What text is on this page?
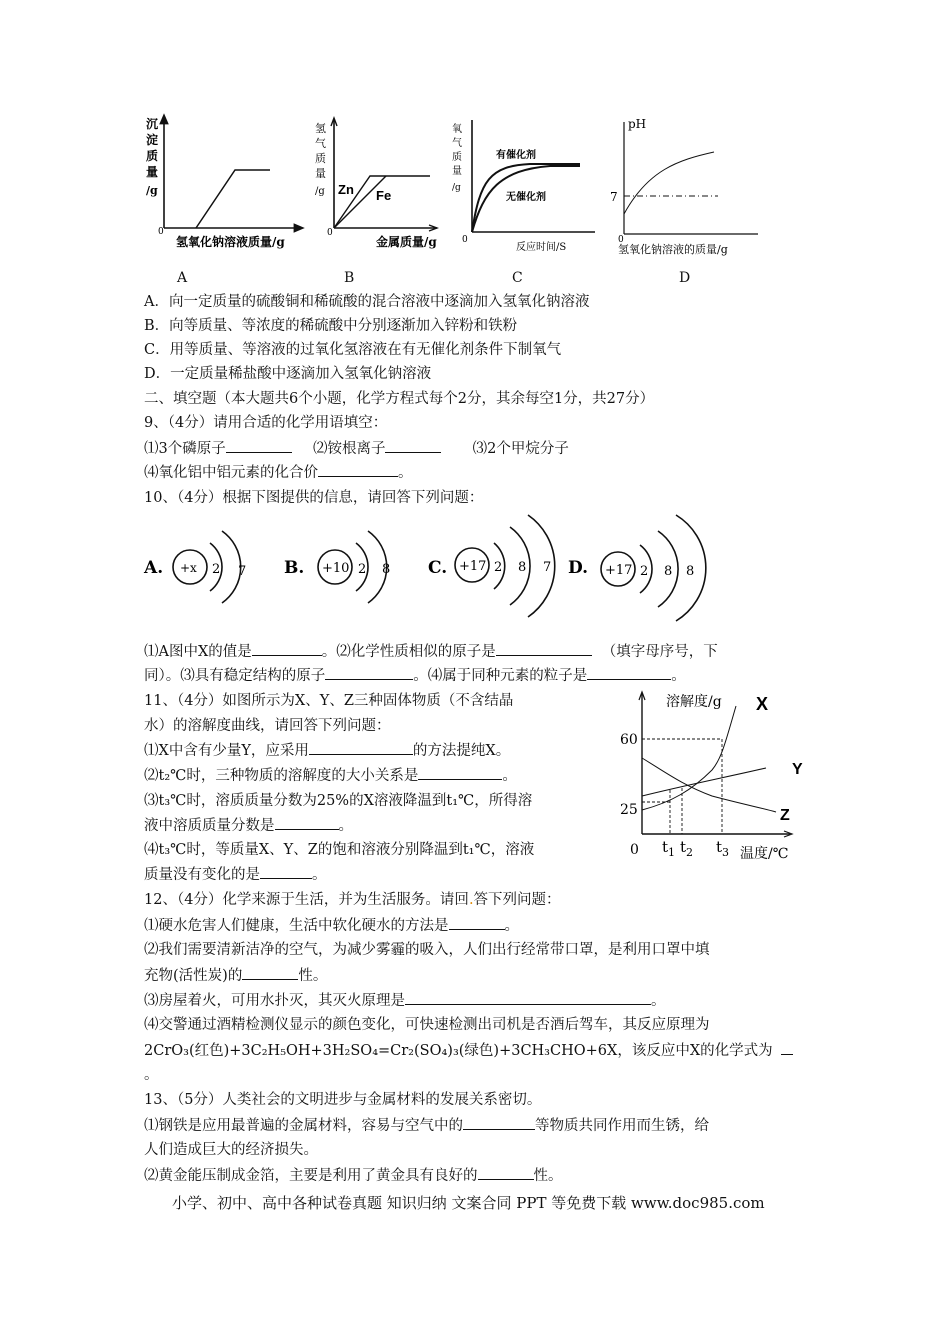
沉
淀
质
量
/g
0
氢氧化钠溶液质量/g
氢
气
质
量
/g Zn Fe
0
金属质量/g
氧
气
质
量
/g
有催化剂
无催化剂
0
反应时间/S
pH
7
0
氢氧化钠溶液的质量/g
A	B	C	D
A．向一定质量的硫酸铜和稀硫酸的混合溶液中逐滴加入氢氧化钠溶液
B．向等质量、等浓度的稀硫酸中分别逐渐加入锌粉和铁粉
C．用等质量、等溶液的过氧化氢溶液在有无催化剂条件下制氧气
D．一定质量稀盐酸中逐滴加入氢氧化钠溶液
二、填空题（本大题共6个小题，化学方程式每个2分，其余每空1分，共27分）
9、（4分）请用合适的化学用语填空：
⑴3个磷原子	⑵铵根离子	⑶2个甲烷分子
⑷氧化铝中铝元素的化合价	。
10、（4分）根据下图提供的信息，请回答下列问题：
A. +x 2 7 B. +10 2 8 C. +17 2 8 7 D. +17 2 8 8
⑴A图中X的值是	。⑵化学性质相似的原子是	（填字母序号，下
同）。⑶具有稳定结构的原子	。⑷属于同种元素的粒子是	。
11、（4分）如图所示为X、Y、Z三种固体物质（不含结晶
水）的溶解度曲线，请回答下列问题：
⑴X中含有少量Y，应采用	的方法提纯X。
⑵t₂℃时，三种物质的溶解度的大小关系是	。
⑶t₃℃时，溶质质量分数为25%的X溶液降温到t₁℃，所得溶
液中溶质质量分数是	。
⑷t₃℃时，等质量X、Y、Z的饱和溶液分别降温到t₁℃，溶液
质量没有变化的是	。
溶解度/g X
Y
Z
60
25
0 $t_1$ $t_2$ $t_3$ 温度/℃
12、（4分）化学来源于生活，并为生活服务。请回.答下列问题：
⑴硬水危害人们健康，生活中软化硬水的方法是	。
⑵我们需要清新洁净的空气，为减少雾霾的吸入，人们出行经常带口罩，是利用口罩中填
充物(活性炭)的	性。
⑶房屋着火，可用水扑灭，其灭火原理是	。
⑷交警通过酒精检测仪显示的颜色变化，可快速检测出司机是否酒后驾车，其反应原理为
2CrO₃(红色)+3C₂H₅OH+3H₂SO₄=Cr₂(SO₄)₃(绿色)+3CH₃CHO+6X，该反应中X的化学式为
。
13、（5分）人类社会的文明进步与金属材料的发展关系密切。
⑴钢铁是应用最普遍的金属材料，容易与空气中的	等物质共同作用而生锈，给
人们造成巨大的经济损失。
⑵黄金能压制成金箔，主要是利用了黄金具有良好的	性。
小学、初中、高中各种试卷真题 知识归纳 文案合同 PPT 等免费下载 www.doc985.com
